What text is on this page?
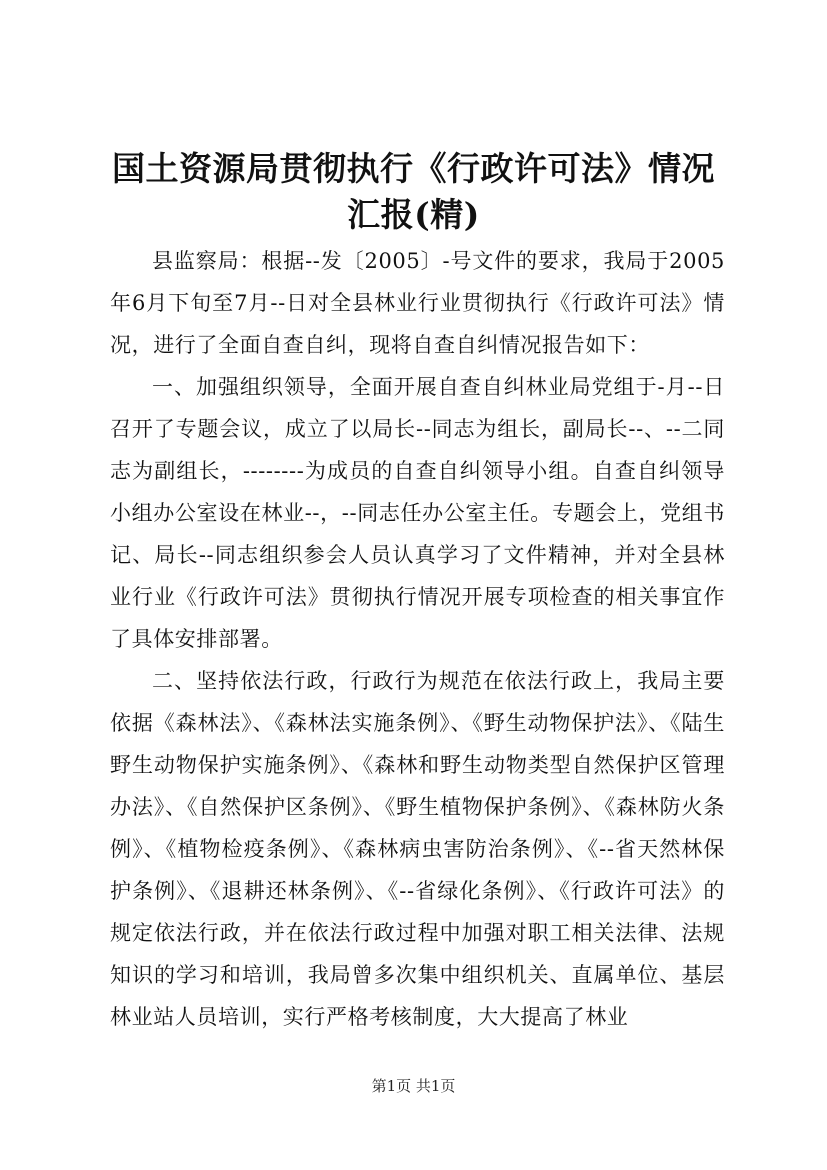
国土资源局贯彻执行《行政许可法》情况汇报(精)

县监察局：根据--发〔2005〕-号文件的要求，我局于2005年6月下旬至7月--日对全县林业行业贯彻执行《行政许可法》情况，进行了全面自查自纠，现将自查自纠情况报告如下：

一、加强组织领导，全面开展自查自纠林业局党组于-月--日召开了专题会议，成立了以局长--同志为组长，副局长--、--二同志为副组长，--------为成员的自查自纠领导小组。自查自纠领导小组办公室设在林业--，--同志任办公室主任。专题会上，党组书记、局长--同志组织参会人员认真学习了文件精神，并对全县林业行业《行政许可法》贯彻执行情况开展专项检查的相关事宜作了具体安排部署。

二、坚持依法行政，行政行为规范在依法行政上，我局主要依据《森林法》、《森林法实施条例》、《野生动物保护法》、《陆生野生动物保护实施条例》、《森林和野生动物类型自然保护区管理办法》、《自然保护区条例》、《野生植物保护条例》、《森林防火条例》、《植物检疫条例》、《森林病虫害防治条例》、《--省天然林保护条例》、《退耕还林条例》、《--省绿化条例》、《行政许可法》的规定依法行政，并在依法行政过程中加强对职工相关法律、法规知识的学习和培训，我局曾多次集中组织机关、直属单位、基层林业站人员培训，实行严格考核制度，大大提高了林业

第1页 共1页
